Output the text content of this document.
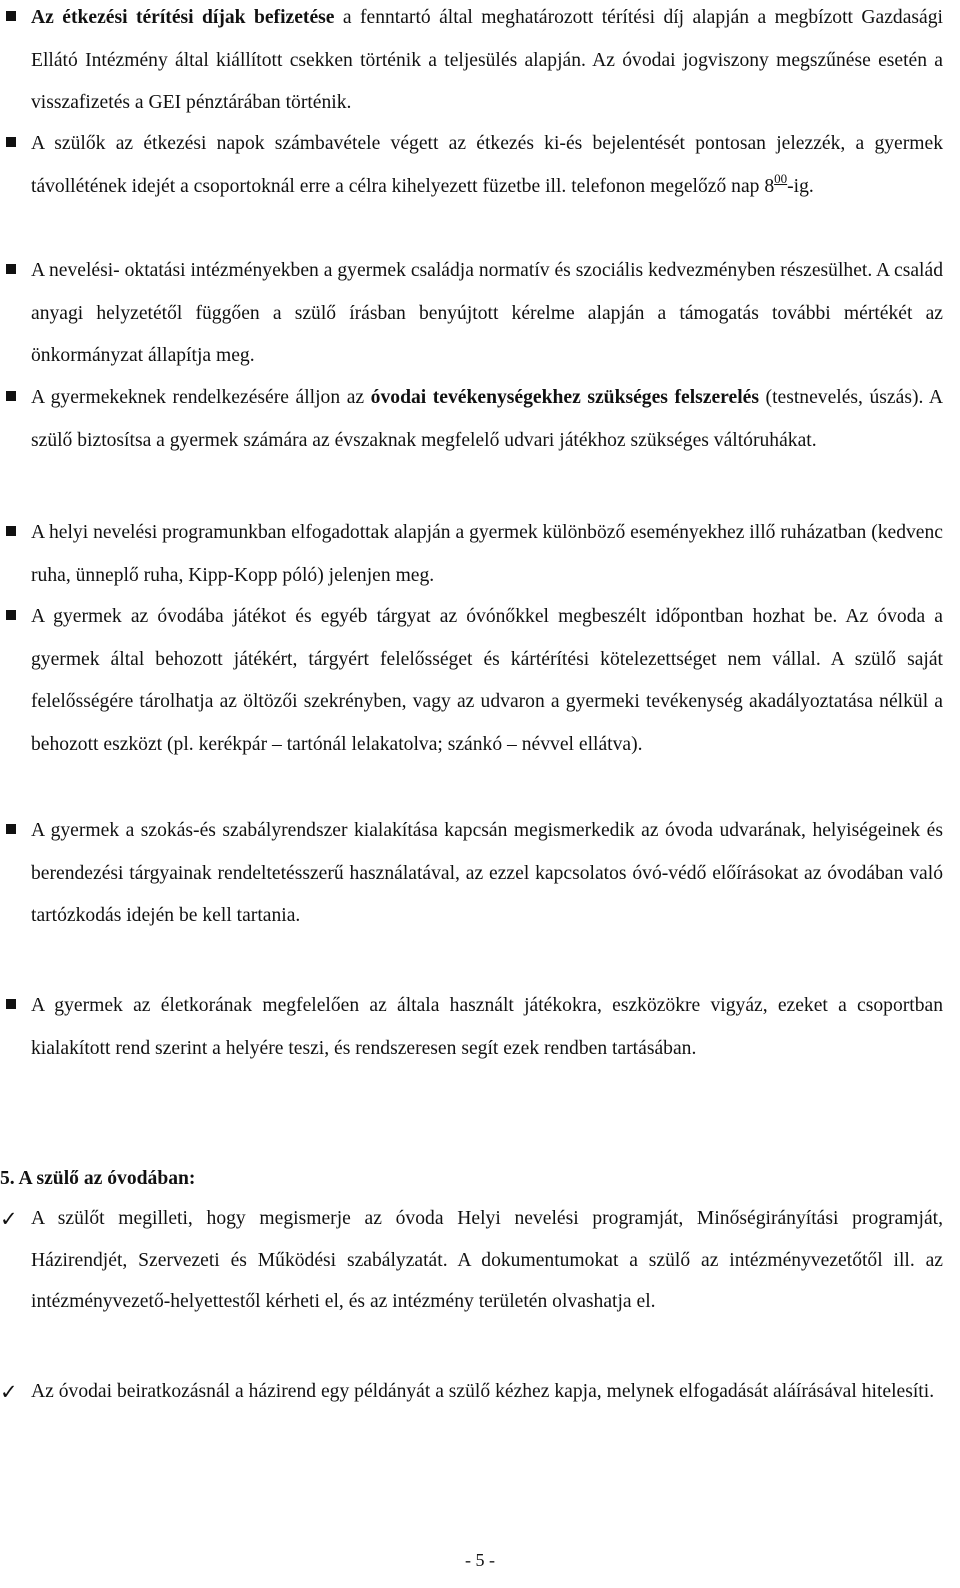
Az étkezési térítési díjak befizetése a fenntartó által meghatározott térítési díj alapján a megbízott Gazdasági Ellátó Intézmény által kiállított csekken történik a teljesülés alapján. Az óvodai jogviszony megszűnése esetén a visszafizetés a GEI pénztárában történik.

A szülők az étkezési napok számbavétele végett az étkezés ki-és bejelentését pontosan jelezzék, a gyermek távollétének idejét a csoportoknál erre a célra kihelyezett füzetbe ill. telefonon megelőző nap $8^{00}-ig$.

A nevelési- oktatási intézményekben a gyermek családja normatív és szociális kedvezményben részesülhet. A család anyagi helyzetétől függően a szülő írásban benyújtott kérelme alapján a támogatás további mértékét az önkormányzat állapítja meg.

A gyermekeknek rendelkezésére álljon az óvodai tevékenységekhez szükséges felszerelés (testnevelés, úszás). A szülő biztosítsa a gyermek számára az évszaknak megfelelő udvari játékhoz szükséges váltóruhákat.

A helyi nevelési programunkban elfogadottak alapján a gyermek különböző eseményekhez illő ruházatban (kedvenc ruha, ünneplő ruha, Kipp-Kopp póló) jelenjen meg.

A gyermek az óvodába játékot és egyéb tárgyat az óvónőkkel megbeszélt időpontban hozhat be. Az óvoda a gyermek által behozott játékért, tárgyért felelősséget és kártérítési kötelezettséget nem vállal. A szülő saját felelősségére tárolhatja az öltözői szekrényben, vagy az udvaron a gyermeki tevékenység akadályoztatása nélkül a behozott eszközt (pl. kerékpár – tartónál lelakatolva; szánkó – névvel ellátva).

A gyermek a szokás-és szabályrendszer kialakítása kapcsán megismerkedik az óvoda udvarának, helyiségeinek és berendezési tárgyainak rendeltetésszerű használatával, az ezzel kapcsolatos óvó-védő előírásokat az óvodában való tartózkodás idején be kell tartania.

A gyermek az életkorának megfelelően az általa használt játékokra, eszközökre vigyáz, ezeket a csoportban kialakított rend szerint a helyére teszi, és rendszeresen segít ezek rendben tartásában.

5. A szülő az óvodában:

✓ A szülőt megilleti, hogy megismerje az óvoda Helyi nevelési programját, Minőségirányítási programját, Házirendjét, Szervezeti és Működési szabályzatát. A dokumentumokat a szülő az intézményvezetőtől ill. az intézményvezető-helyettestől kérheti el, és az intézmény területén olvashatja el.

✓ Az óvodai beiratkozásnál a házirend egy példányát a szülő kézhez kapja, melynek elfogadását aláírásával hitelesíti.

- 5 -
